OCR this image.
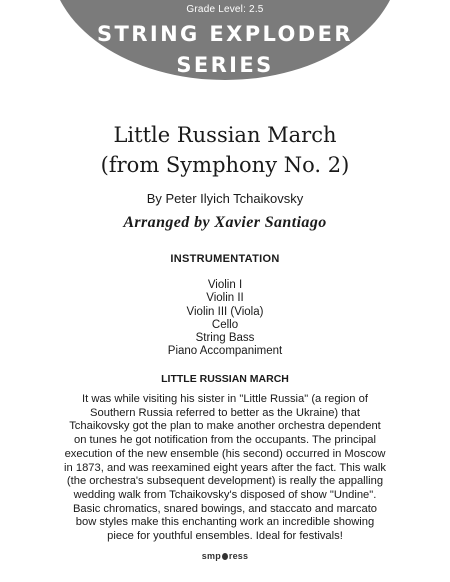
Grade Level: 2.5
STRING EXPLODER
SERIES
Little Russian March
(from Symphony No. 2)
By Peter Ilyich Tchaikovsky
Arranged by Xavier Santiago
INSTRUMENTATION
Violin I
Violin II
Violin III (Viola)
Cello
String Bass
Piano Accompaniment
LITTLE RUSSIAN MARCH
It was while visiting his sister in "Little Russia" (a region of
Southern Russia referred to better as the Ukraine) that
Tchaikovsky got the plan to make another orchestra dependent
on tunes he got notification from the occupants. The principal
execution of the new ensemble (his second) occurred in Moscow
in 1873, and was reexamined eight years after the fact. This walk
(the orchestra's subsequent development) is really the appalling
wedding walk from Tchaikovsky's disposed of show "Undine".
Basic chromatics, snared bowings, and staccato and marcato
bow styles make this enchanting work an incredible showing
piece for youthful ensembles. Ideal for festivals!
smp ress
